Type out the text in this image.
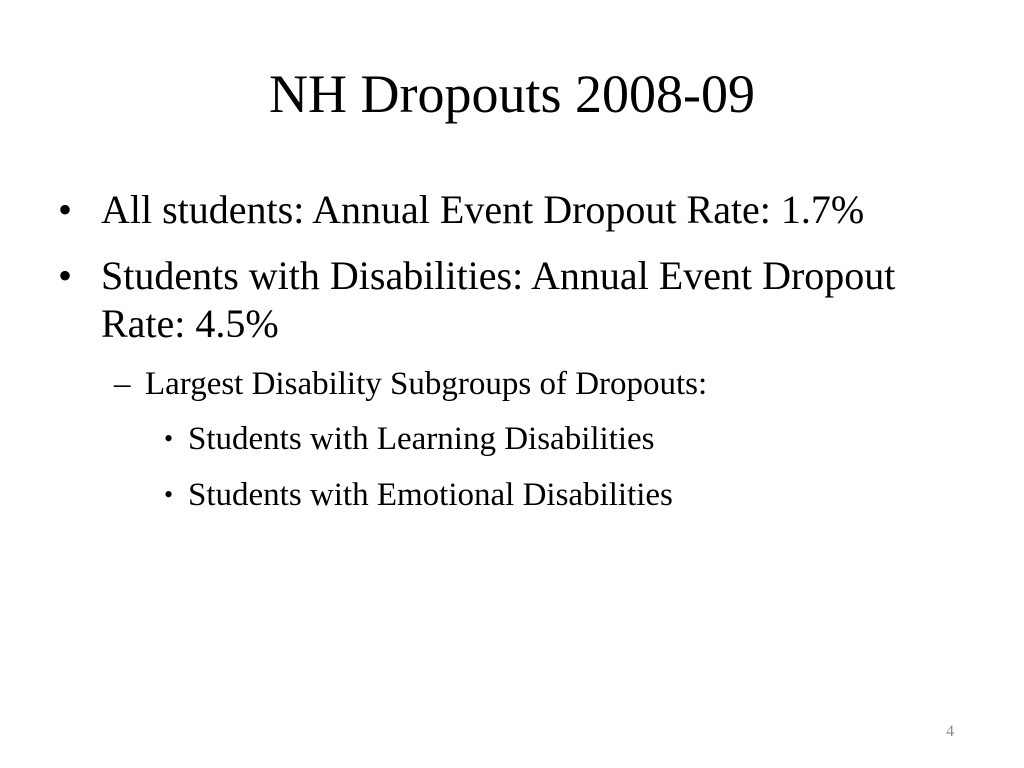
NH Dropouts 2008-09
• All students: Annual Event Dropout Rate: 1.7%
• Students with Disabilities: Annual Event Dropout Rate: 4.5%
– Largest Disability Subgroups of Dropouts:
• Students with Learning Disabilities
• Students with Emotional Disabilities
4
